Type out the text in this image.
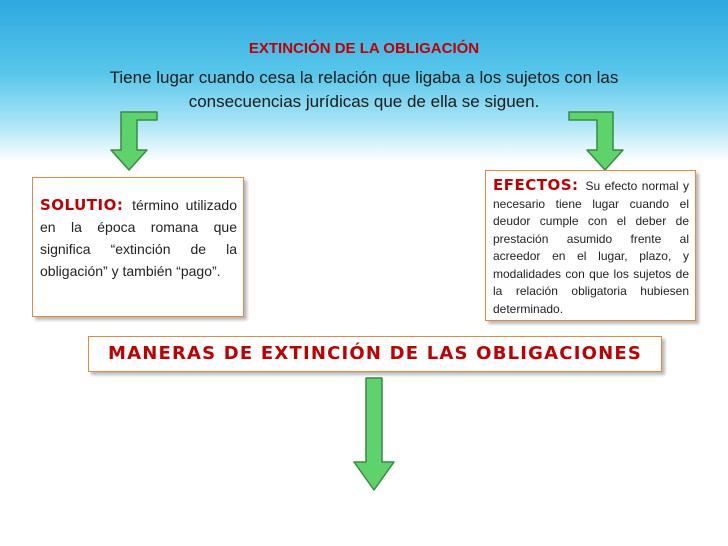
EXTINCIÓN DE LA OBLIGACIÓN
Tiene lugar cuando cesa la relación que ligaba a los sujetos con las
consecuencias jurídicas que de ella se siguen.
SOLUTIO: término utilizado en la época romana que significa “extinción de la obligación” y también “pago”.
EFECTOS: Su efecto normal y necesario tiene lugar cuando el deudor cumple con el deber de prestación asumido frente al acreedor en el lugar, plazo, y modalidades con que los sujetos de la relación obligatoria hubiesen determinado.
MANERAS DE EXTINCIÓN DE LAS OBLIGACIONES
